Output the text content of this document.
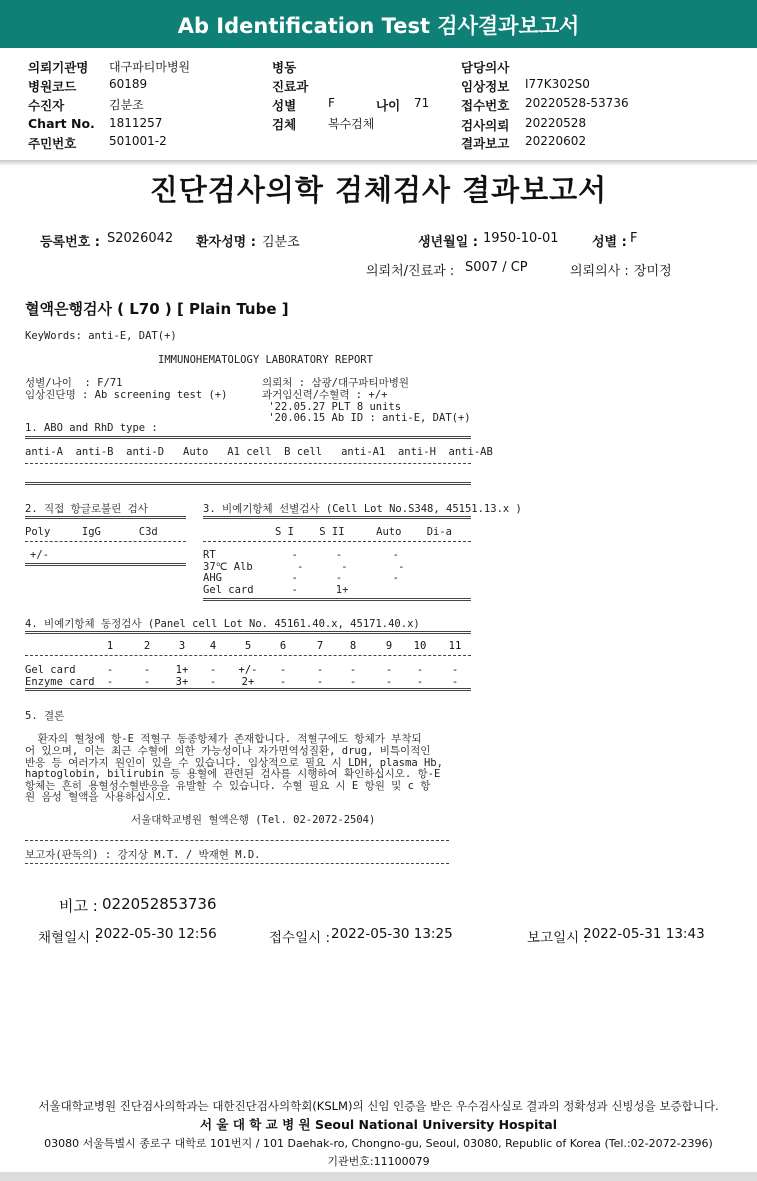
Ab Identification Test 검사결과보고서
의뢰기관명 대구파티마병원
병원코드	60189
수진자	김분조
Chart No. 1811257
주민번호	501001-2
병동
진료과
성별	F	나이 71
검체	복수검체
담당의사
임상정보 I77K302S0
접수번호 20220528-53736
검사의뢰 20220528
결과보고 20220602
진단검사의학 검체검사 결과보고서
등록번호 : S2026042 환자성명 : 김분조	생년월일 : 1950-10-01	성별 : F
의뢰처/진료과 : S007 / CP	의뢰의사 : 장미정
혈액은행검사 ( L70 ) [ Plain Tube ]
KeyWords: anti-E, DAT(+)
IMMUNOHEMATOLOGY LABORATORY REPORT
성별/나이  : F/71
임상진단명 : Ab screening test (+)
의뢰처 : 삼광/대구파티마병원
과거임신력/수혈력 : +/+
'22.05.27 PLT 8 units
'20.06.15 Ab ID : anti-E, DAT(+)
1. ABO and RhD type :
anti-A  anti-B  anti-D   Auto   A1 cell  B cell   anti-A1  anti-H  anti-AB
2. 직접 항글로불린 검사
Poly     IgG      C3d
+/-
3. 비예기항체 선별검사 (Cell Lot No.S348, 45151.13.x )
S I    S II     Auto    Di-a
RT            -      -        -
37℃ Alb       -      -        -
AHG           -      -        -
Gel card      -      1+
4. 비예기항체 동정검사 (Panel cell Lot No. 45161.40.x, 45171.40.x)
1	2	3	4	5	6	7	8	9	10	11
Gel card	-	-	1+	-	+/-	-	-	-	-	-	-
Enzyme card	-	-	3+	-	2+	-	-	-	-	-	-
5. 결론
환자의 혈청에 항-E 적혈구 동종항체가 존재합니다. 적혈구에도 항체가 부착되
어 있으며, 이는 최근 수혈에 의한 가능성이나 자가면역성질환, drug, 비특이적인
반응 등 여러가지 원인이 있을 수 있습니다. 임상적으로 필요 시 LDH, plasma Hb,
haptoglobin, bilirubin 등 용혈에 관련된 검사를 시행하여 확인하십시오. 항-E
항체는 흔히 용혈성수혈반응을 유발할 수 있습니다. 수혈 필요 시 E 항원 및 c 항
원 음성 혈액을 사용하십시오.
서울대학교병원 혈액은행 (Tel. 02-2072-2504)
보고자(판독의) : 강지상 M.T. / 박재현 M.D.
비고 : 022052853736
채혈일시 :
2022-05-30 12:56	접수일시 : 2022-05-30 13:25	보고일시 :
2022-05-31 13:43
서울대학교병원 진단검사의학과는 대한진단검사의학회(KSLM)의 신임 인증을 받은 우수검사실로 결과의 정확성과 신빙성을 보증합니다.
서 울 대 학 교 병 원 Seoul National University Hospital
03080 서울특별시 종로구 대학로 101번지 / 101 Daehak-ro, Chongno-gu, Seoul, 03080, Republic of Korea (Tel.:02-2072-2396)
기관번호:11100079
